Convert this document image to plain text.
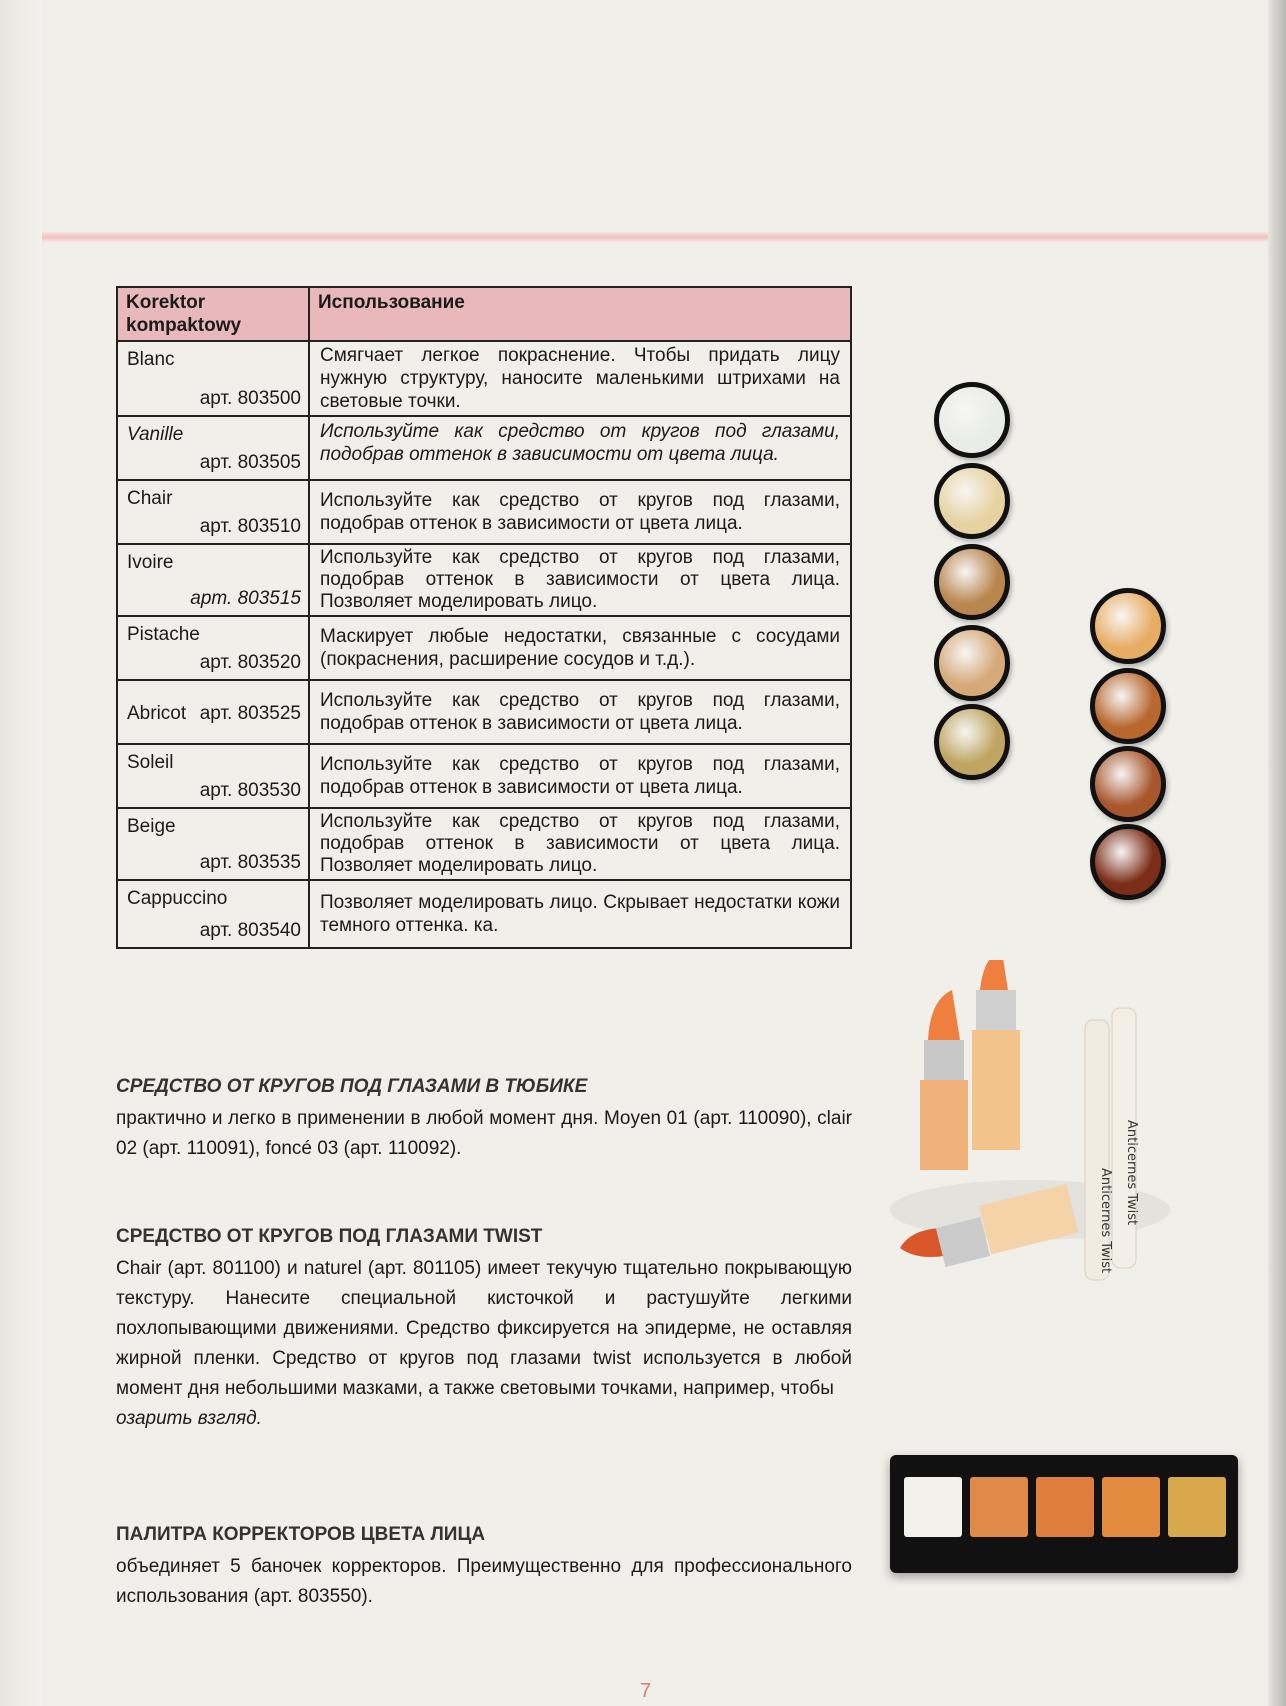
Korektor kompaktowy	Использование

Blanc
арт. 803500	Смягчает легкое покраснение. Чтобы придать лицу нужную структуру, наносите маленькими штрихами на световые точки.

Vanille
арт. 803505	Используйте как средство от кругов под глазами, подобрав оттенок в зависимости от цвета лица.

Chair
арт. 803510	Используйте как средство от кругов под глазами, подобрав оттенок в зависимости от цвета лица.

Ivoire
арт. 803515	Используйте как средство от кругов под глазами, подобрав оттенок в зависимости от цвета лица. Позволяет моделировать лицо.

Pistache
арт. 803520	Маскирует любые недостатки, связанные с сосудами (покраснения, расширение сосудов и т.д.).

Abricot арт. 803525	Используйте как средство от кругов под глазами, подобрав оттенок в зависимости от цвета лица.

Soleil
арт. 803530	Используйте как средство от кругов под глазами, подобрав оттенок в зависимости от цвета лица.

Beige
арт. 803535	Используйте как средство от кругов под глазами, подобрав оттенок в зависимости от цвета лица. Позволяет моделировать лицо.

Cappuccino
арт. 803540	Позволяет моделировать лицо. Скрывает недостатки кожи темного оттенка. ка.
СРЕДСТВО ОТ КРУГОВ ПОД ГЛАЗАМИ В ТЮБИКЕ

практично и легко в применении в любой момент дня. Moyen 01 (арт. 110090), clair 02 (арт. 110091), foncé 03 (арт. 110092).

СРЕДСТВО ОТ КРУГОВ ПОД ГЛАЗАМИ TWIST

Chair (арт. 801100) и naturel (арт. 801105) имеет текучую тщательно покрывающую текстуру. Нанесите специальной кисточкой и растушуйте легкими похлопывающими движениями. Средство фиксируется на эпидерме, не оставляя жирной пленки. Средство от кругов под глазами twist используется в любой момент дня небольшими мазками, а также световыми точками, например, чтобы
озарить взгляд.

ПАЛИТРА КОРРЕКТОРОВ ЦВЕТА ЛИЦА

объединяет 5 баночек корректоров. Преимущественно для профессионального использования (арт. 803550).

Anticernes Twist Anticernes Twist
7
